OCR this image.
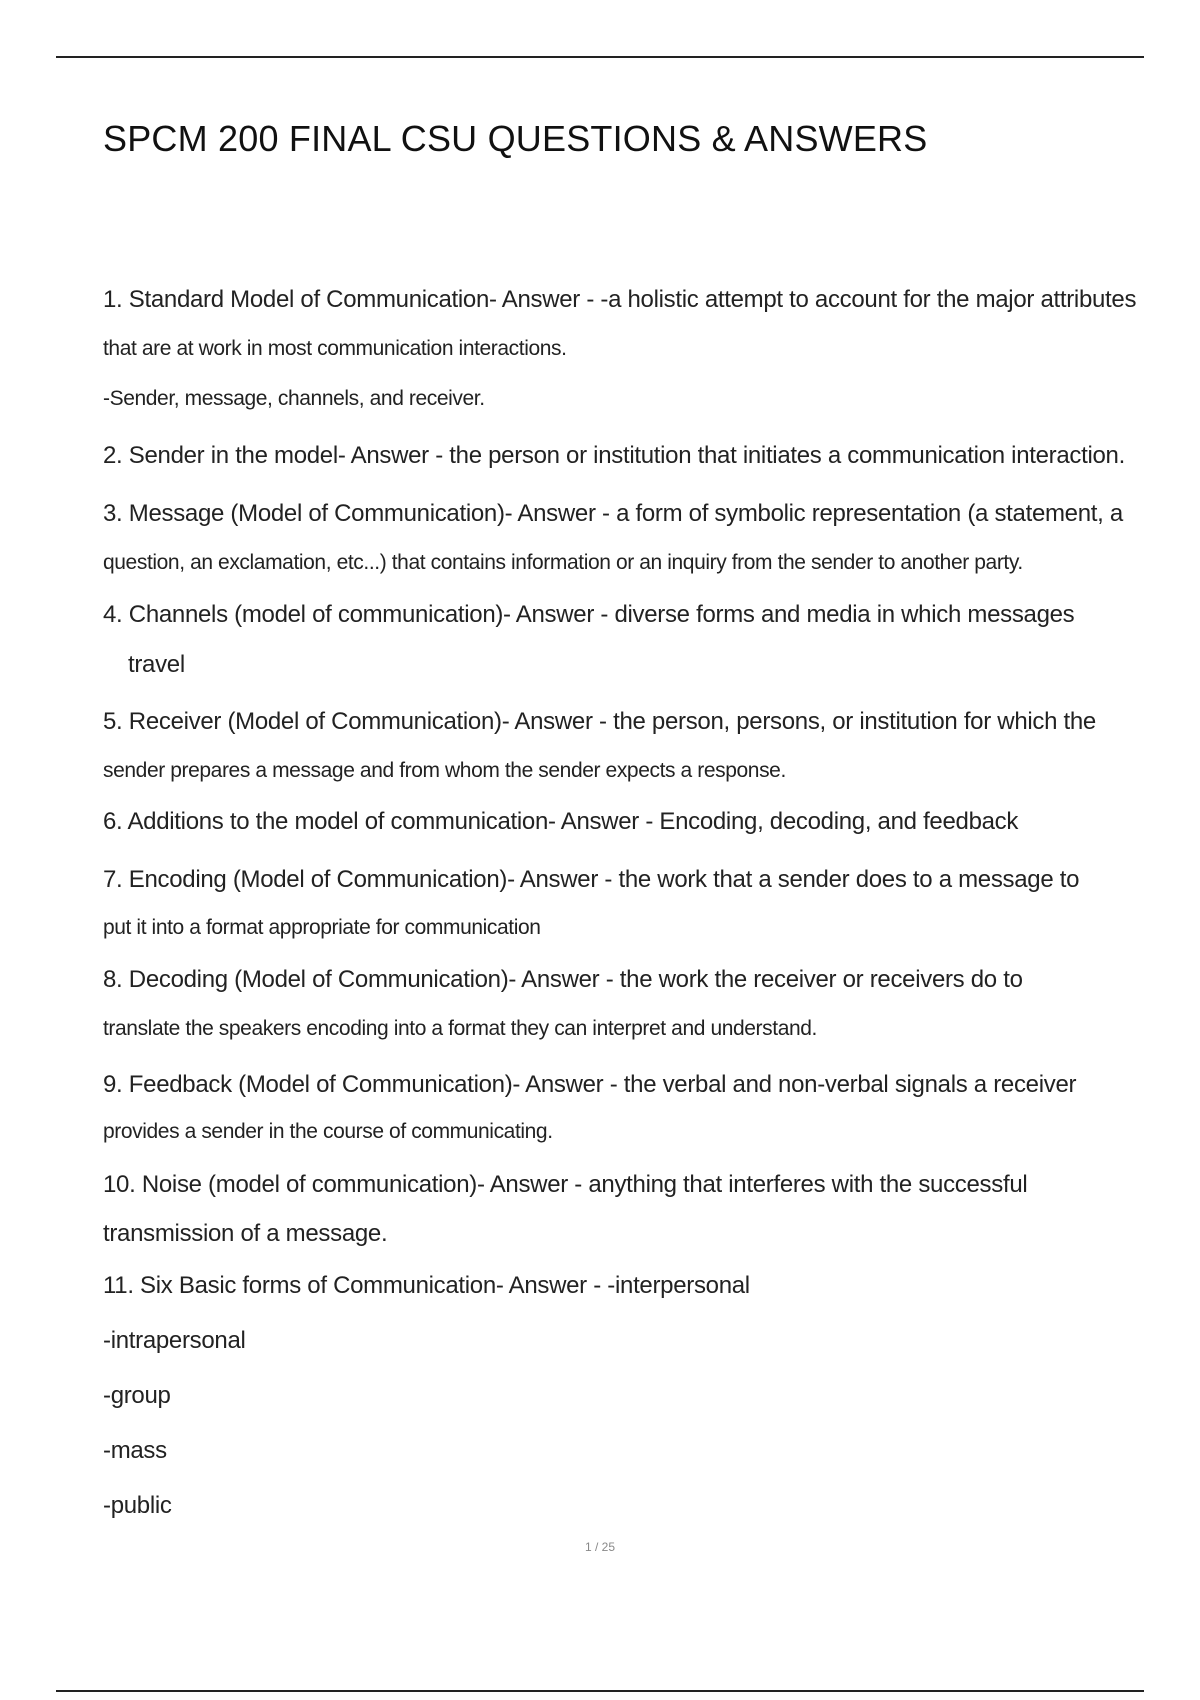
SPCM 200 FINAL CSU QUESTIONS & ANSWERS
1. Standard Model of Communication- Answer - -a holistic attempt to account for the major attributes
that are at work in most communication interactions.
-Sender, message, channels, and receiver.
2. Sender in the model- Answer - the person or institution that initiates a communication interaction.
3. Message (Model of Communication)- Answer - a form of symbolic representation (a statement, a
question, an exclamation, etc...) that contains information or an inquiry from the sender to another party.
4. Channels (model of communication)- Answer - diverse forms and media in which messages
travel
5. Receiver (Model of Communication)- Answer - the person, persons, or institution for which the
sender prepares a message and from whom the sender expects a response.
6. Additions to the model of communication- Answer - Encoding, decoding, and feedback
7. Encoding (Model of Communication)- Answer - the work that a sender does to a message to
put it into a format appropriate for communication
8. Decoding (Model of Communication)- Answer - the work the receiver or receivers do to
translate the speakers encoding into a format they can interpret and understand.
9. Feedback (Model of Communication)- Answer - the verbal and non-verbal signals a receiver
provides a sender in the course of communicating.
10. Noise (model of communication)- Answer - anything that interferes with the successful
transmission of a message.
11. Six Basic forms of Communication- Answer - -interpersonal
-intrapersonal
-group
-mass
-public
1 / 25
